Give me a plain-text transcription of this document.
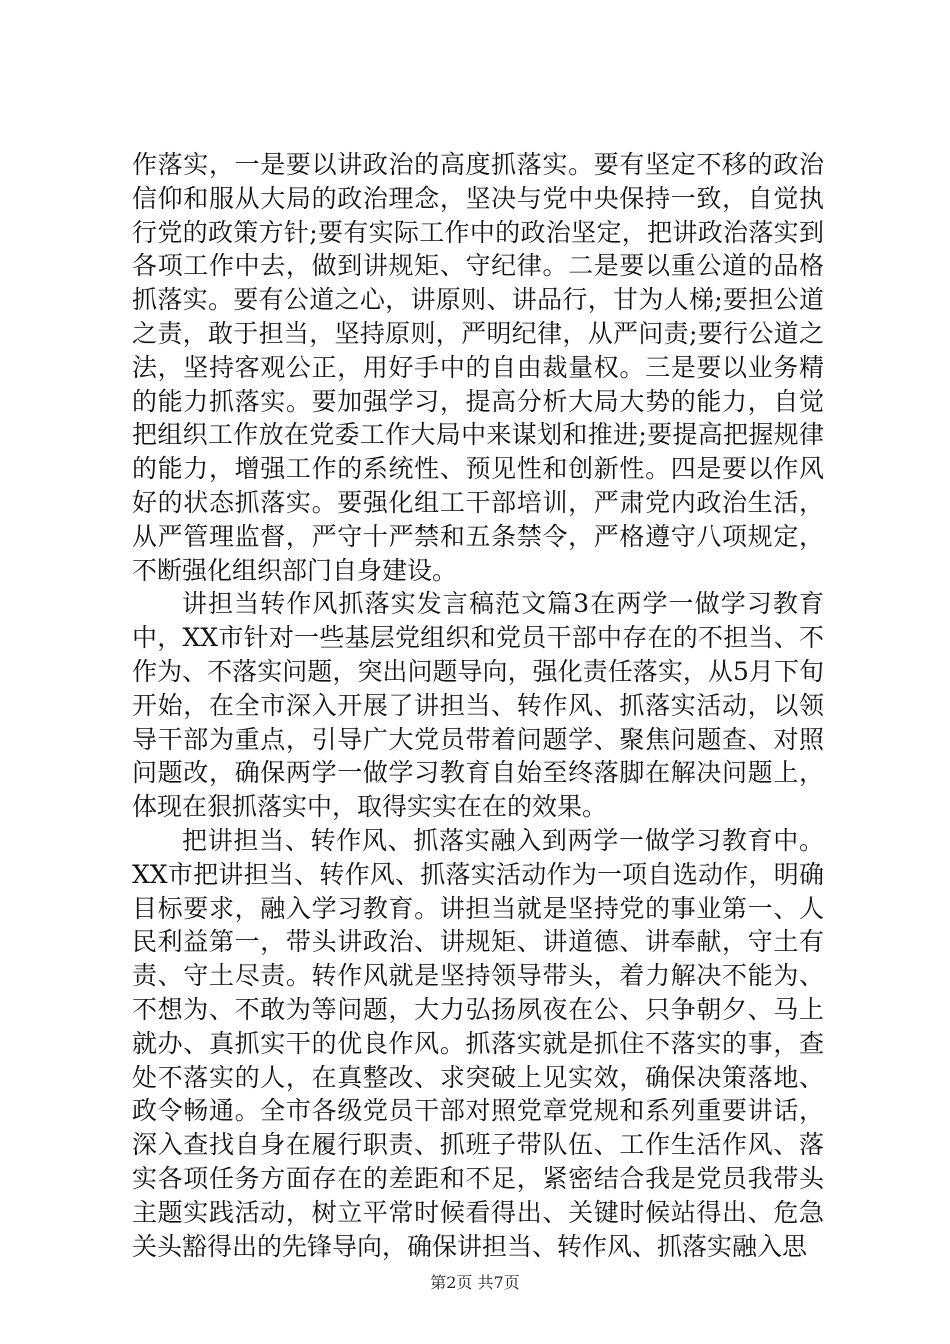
作落实，一是要以讲政治的高度抓落实。要有坚定不移的政治信仰和服从大局的政治理念，坚决与党中央保持一致，自觉执行党的政策方针;要有实际工作中的政治坚定，把讲政治落实到各项工作中去，做到讲规矩、守纪律。二是要以重公道的品格抓落实。要有公道之心，讲原则、讲品行，甘为人梯;要担公道之责，敢于担当，坚持原则，严明纪律，从严问责;要行公道之法，坚持客观公正，用好手中的自由裁量权。三是要以业务精的能力抓落实。要加强学习，提高分析大局大势的能力，自觉把组织工作放在党委工作大局中来谋划和推进;要提高把握规律的能力，增强工作的系统性、预见性和创新性。四是要以作风好的状态抓落实。要强化组工干部培训，严肃党内政治生活，从严管理监督，严守十严禁和五条禁令，严格遵守八项规定，不断强化组织部门自身建设。

讲担当转作风抓落实发言稿范文篇3在两学一做学习教育中，XX市针对一些基层党组织和党员干部中存在的不担当、不作为、不落实问题，突出问题导向，强化责任落实，从5月下旬开始，在全市深入开展了讲担当、转作风、抓落实活动，以领导干部为重点，引导广大党员带着问题学、聚焦问题查、对照问题改，确保两学一做学习教育自始至终落脚在解决问题上，体现在狠抓落实中，取得实实在在的效果。

把讲担当、转作风、抓落实融入到两学一做学习教育中。XX市把讲担当、转作风、抓落实活动作为一项自选动作，明确目标要求，融入学习教育。讲担当就是坚持党的事业第一、人民利益第一，带头讲政治、讲规矩、讲道德、讲奉献，守土有责、守土尽责。转作风就是坚持领导带头，着力解决不能为、不想为、不敢为等问题，大力弘扬夙夜在公、只争朝夕、马上就办、真抓实干的优良作风。抓落实就是抓住不落实的事，查处不落实的人，在真整改、求突破上见实效，确保决策落地、政令畅通。全市各级党员干部对照党章党规和系列重要讲话，深入查找自身在履行职责、抓班子带队伍、工作生活作风、落实各项任务方面存在的差距和不足，紧密结合我是党员我带头主题实践活动，树立平常时候看得出、关键时候站得出、危急关头豁得出的先锋导向，确保讲担当、转作风、抓落实融入思

第2页 共7页
